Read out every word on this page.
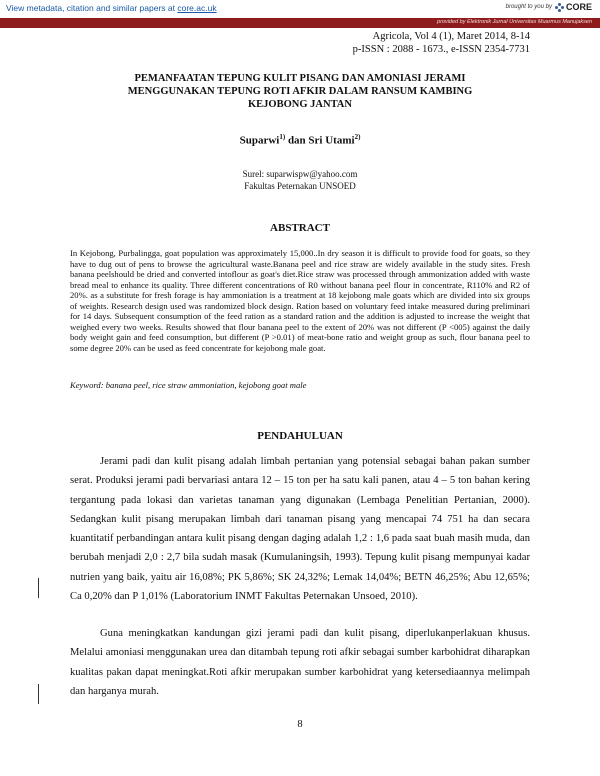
View metadata, citation and similar papers at core.ac.uk	brought to you by CORE
provided by Elektronik Jurnal Universitas Muarmus Manujaksen
Agricola, Vol 4 (1), Maret 2014, 8-14
p-ISSN : 2088 - 1673., e-ISSN 2354-7731
PEMANFAATAN TEPUNG KULIT PISANG DAN AMONIASI JERAMI MENGGUNAKAN TEPUNG ROTI AFKIR DALAM RANSUM KAMBING KEJOBONG JANTAN
Suparwi$^{1)}$ dan Sri Utami$^{2)}$
Surel: suparwispw@yahoo.com
Fakultas Peternakan UNSOED
ABSTRACT
In Kejobong, Purbalingga, goat population was approximately 15,000..In dry season it is difficult to provide food for goats, so they have to dug out of pens to browse the agricultural waste.Banana peel and rice straw are widely available in the study sites. Fresh banana peelshould be dried and converted intoflour as goat's diet.Rice straw was processed through ammonization added with waste bread meal to enhance its quality. Three different concentrations of R0 without banana peel flour in concentrate, R110% and R2 of 20%. as a substitute for fresh forage is hay ammoniation is a treatment at 18 kejobong male goats which are divided into six groups of weights. Research design used was randomized block design. Ration based on voluntary feed intake measured during preliminari for 14 days. Subsequent consumption of the feed ration as a standard ration and the addition is adjusted to increase the weight that weighed every two weeks. Results showed that flour banana peel to the extent of 20% was not different (P <005) against the daily body weight gain and feed consumption, but different (P >0.01) of meat-bone ratio and weight group as such, flour banana peel to some degree 20% can be used as feed concentrate for kejobong male goat.
Keyword: banana peel, rice straw ammoniation, kejobong goat male
PENDAHULUAN

Jerami padi dan kulit pisang adalah limbah pertanian yang potensial sebagai bahan pakan sumber serat. Produksi jerami padi bervariasi antara 12 – 15 ton per ha satu kali panen, atau 4 – 5 ton bahan kering tergantung pada lokasi dan varietas tanaman yang digunakan (Lembaga Penelitian Pertanian, 2000). Sedangkan kulit pisang merupakan limbah dari tanaman pisang yang mencapai 74 751 ha dan secara kuantitatif perbandingan antara kulit pisang dengan daging adalah 1,2 : 1,6 pada saat buah masih muda, dan berubah menjadi 2,0 : 2,7 bila sudah masak (Kumulaningsih, 1993). Tepung kulit pisang mempunyai kadar nutrien yang baik, yaitu air 16,08%; PK 5,86%; SK 24,32%; Lemak 14,04%; BETN 46,25%; Abu 12,65%; Ca 0,20% dan P 1,01% (Laboratorium INMT Fakultas Peternakan Unsoed, 2010).

Guna meningkatkan kandungan gizi jerami padi dan kulit pisang, diperlukanperlakuan khusus. Melalui amoniasi menggunakan urea dan ditambah tepung roti afkir sebagai sumber karbohidrat diharapkan kualitas pakan dapat meningkat.Roti afkir merupakan sumber karbohidrat yang ketersediaannya melimpah dan harganya murah.

8
